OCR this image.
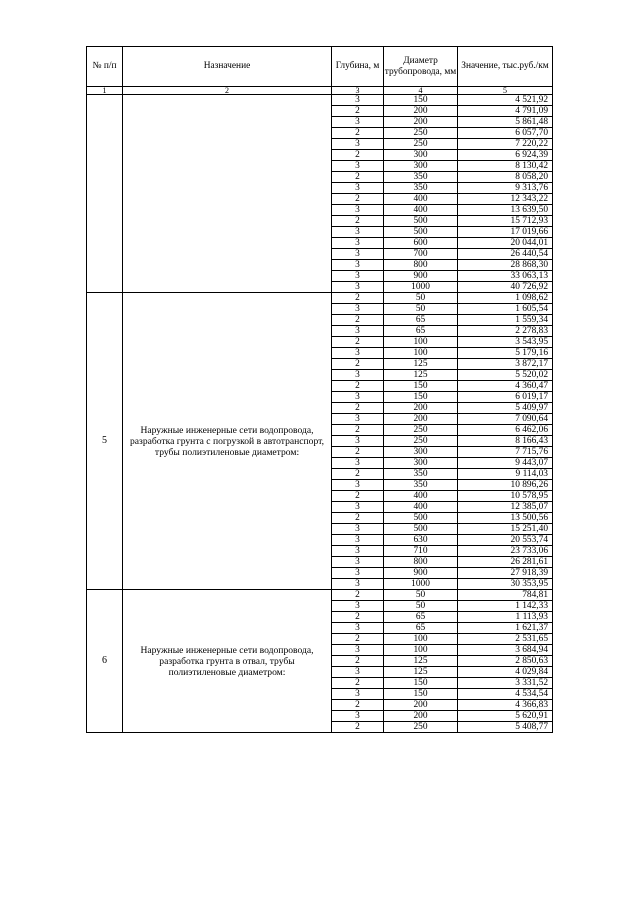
№ п/п	Назначение	Глубина, м	Диаметр трубопровода, мм	Значение, тыс.руб./км
1	2	3	4	5
		3	150	4 521,92
		2	200	4 791,09
		3	200	5 861,48
		2	250	6 057,70
		3	250	7 220,22
		2	300	6 924,39
		3	300	8 130,42
		2	350	8 058,20
		3	350	9 313,76
		2	400	12 343,22
		3	400	13 639,50
		2	500	15 712,93
		3	500	17 019,66
		3	600	20 044,01
		3	700	26 440,54
		3	800	28 868,30
		3	900	33 063,13
		3	1000	40 726,92
5	Наружные инженерные сети водопровода, разработка грунта с погрузкой в автотранспорт, трубы полиэтиленовые диаметром:	2	50	1 098,62
		3	50	1 605,54
		2	65	1 559,34
		3	65	2 278,83
		2	100	3 543,95
		3	100	5 179,16
		2	125	3 872,17
		3	125	5 520,02
		2	150	4 360,47
		3	150	6 019,17
		2	200	5 409,97
		3	200	7 090,64
		2	250	6 462,06
		3	250	8 166,43
		2	300	7 715,76
		3	300	9 443,07
		2	350	9 114,03
		3	350	10 896,26
		2	400	10 578,95
		3	400	12 385,07
		2	500	13 500,56
		3	500	15 251,40
		3	630	20 553,74
		3	710	23 733,06
		3	800	26 281,61
		3	900	27 918,39
		3	1000	30 353,95
6	Наружные инженерные сети водопровода, разработка грунта в отвал, трубы полиэтиленовые диаметром:	2	50	784,81
		3	50	1 142,33
		2	65	1 113,93
		3	65	1 621,37
		2	100	2 531,65
		3	100	3 684,94
		2	125	2 850,63
		3	125	4 029,84
		2	150	3 331,52
		3	150	4 534,54
		2	200	4 366,83
		3	200	5 620,91
		2	250	5 408,77
